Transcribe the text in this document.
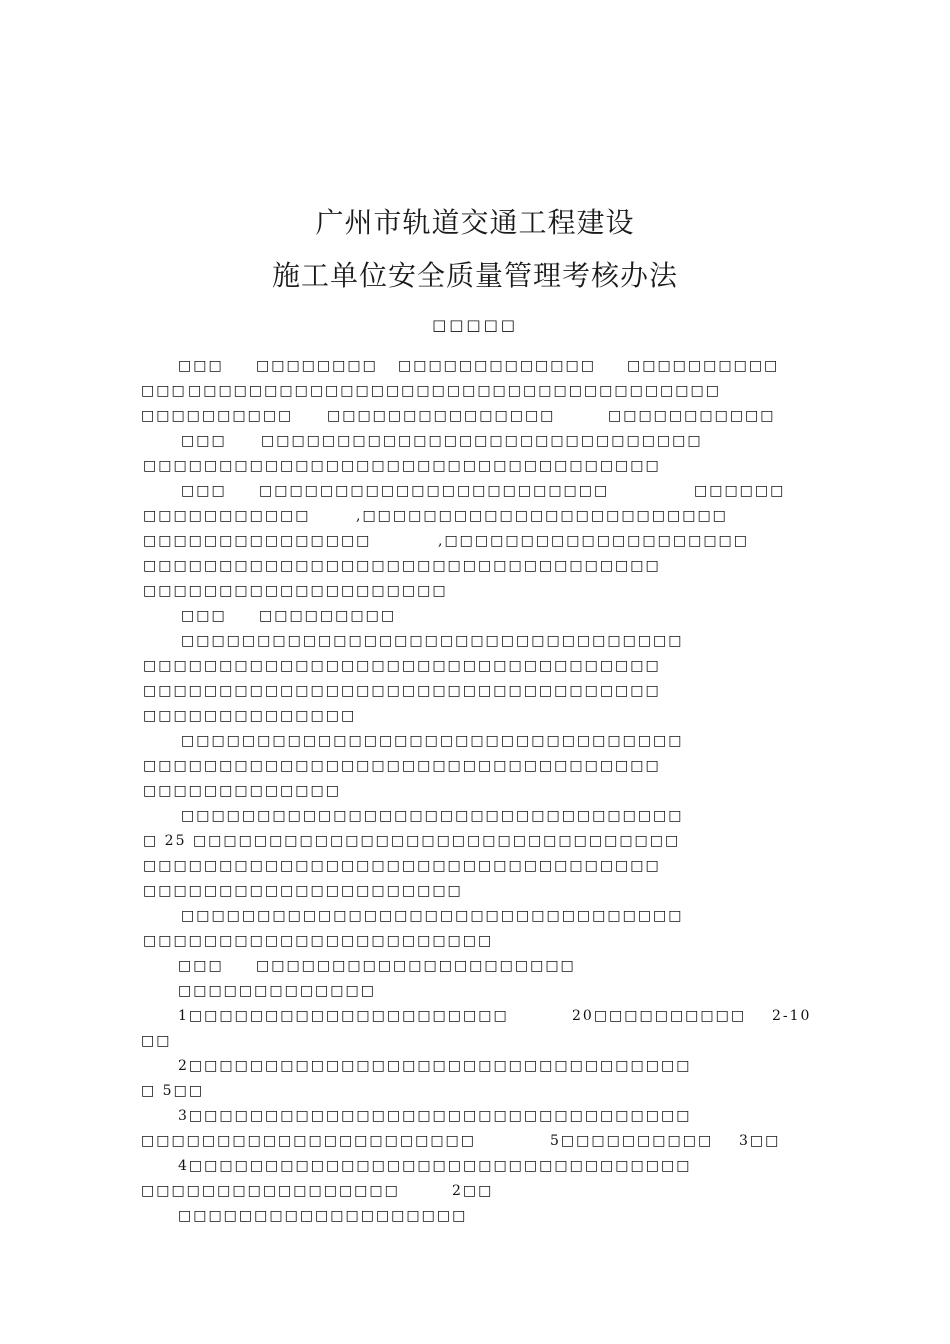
广州市轨道交通工程建设
施工单位安全质量管理考核办法
□□□□□
□□□ □□□□□□□□ □□□□□□□□□□□□□ □□□□□□□□□□
□□□ □□□□□□□□□□□□□□□□□□□□□□□□□□□□□□□□□□□
□□□□□□□□□□ □□□□□□□□□□□□□□□	□□□□□□□□□□□
□□□ □□□□□□□□□□□□□□□□□□□□□□□□□□□□□
□□□□□□□□□□□□□□□□□□□□□□□□□□□□□□□□□□
□□□ □□□□□□□□□□□□□□□□□□□□□□□	□□□□□□
□□□□□□□□□□□	,□□□□□□□□□□□□□□□□□□□□□□□□
□□□□□□□□□□□□□□□	,□□□□□□□□□□□□□□□□□□□□
□□□□□□□□□□□□□□□□□□□□□□□□□□□□□□□□□□
□□□□□□□□□□□□□□□□□□□□
□□□ □□□□□□□□□
□□□□□□□□□□□□□□□□□□□□□□□□□□□□□□□□□
□□□□□□□□□□□□□□□□□□□□□□□□□□□□□□□□□□
□□□□□□□□□□□□□□□□□□□□□□□□□□□□□□□□□□
□□□□□□□□□□□□□□
□□□□□□□□□□□□□□□□□□□□□□□□□□□□□□□□□
□□□□□□□□□□□□□□□□□□□□□□□□□□□□□□□□□□
□□□□□□□□□□□□□
□□□□□□□□□□□□□□□□□□□□□□□□□□□□□□□□□
□ 25 □□□□□□□□□□□□□□□□□□□□□□□□□□□□□□□□
□□□□□□□□□□□□□□□□□□□□□□□□□□□□□□□□□□
□□□□□□□□□□□□□□□□□□□□□
□□□□□□□□□□□□□□□□□□□□□□□□□□□□□□□□□
□□□□□□□□□□□□□□□□□□□□□□□
□□□ □□□□□□□□□□□□□□□□□□□□□
□□□□□□□□□□□□□
1□□□□□□□□□□□□□□□□□□□□□	20□□□□□□□□□□ 2-10
□□
2□□□□□□□□□□□□□□□□□□□□□□□□□□□□□□□□□
□ 5□□
3□□□□□□□□□□□□□□□□□□□□□□□□□□□□□□□□□
□□□□□□□□□□□□□□□□□□□□□□	5□□□□□□□□□□ 3□□
4□□□□□□□□□□□□□□□□□□□□□□□□□□□□□□□□□
□□□□□□□□□□□□□□□□□	2□□
□□□□□□□□□□□□□□□□□□□
